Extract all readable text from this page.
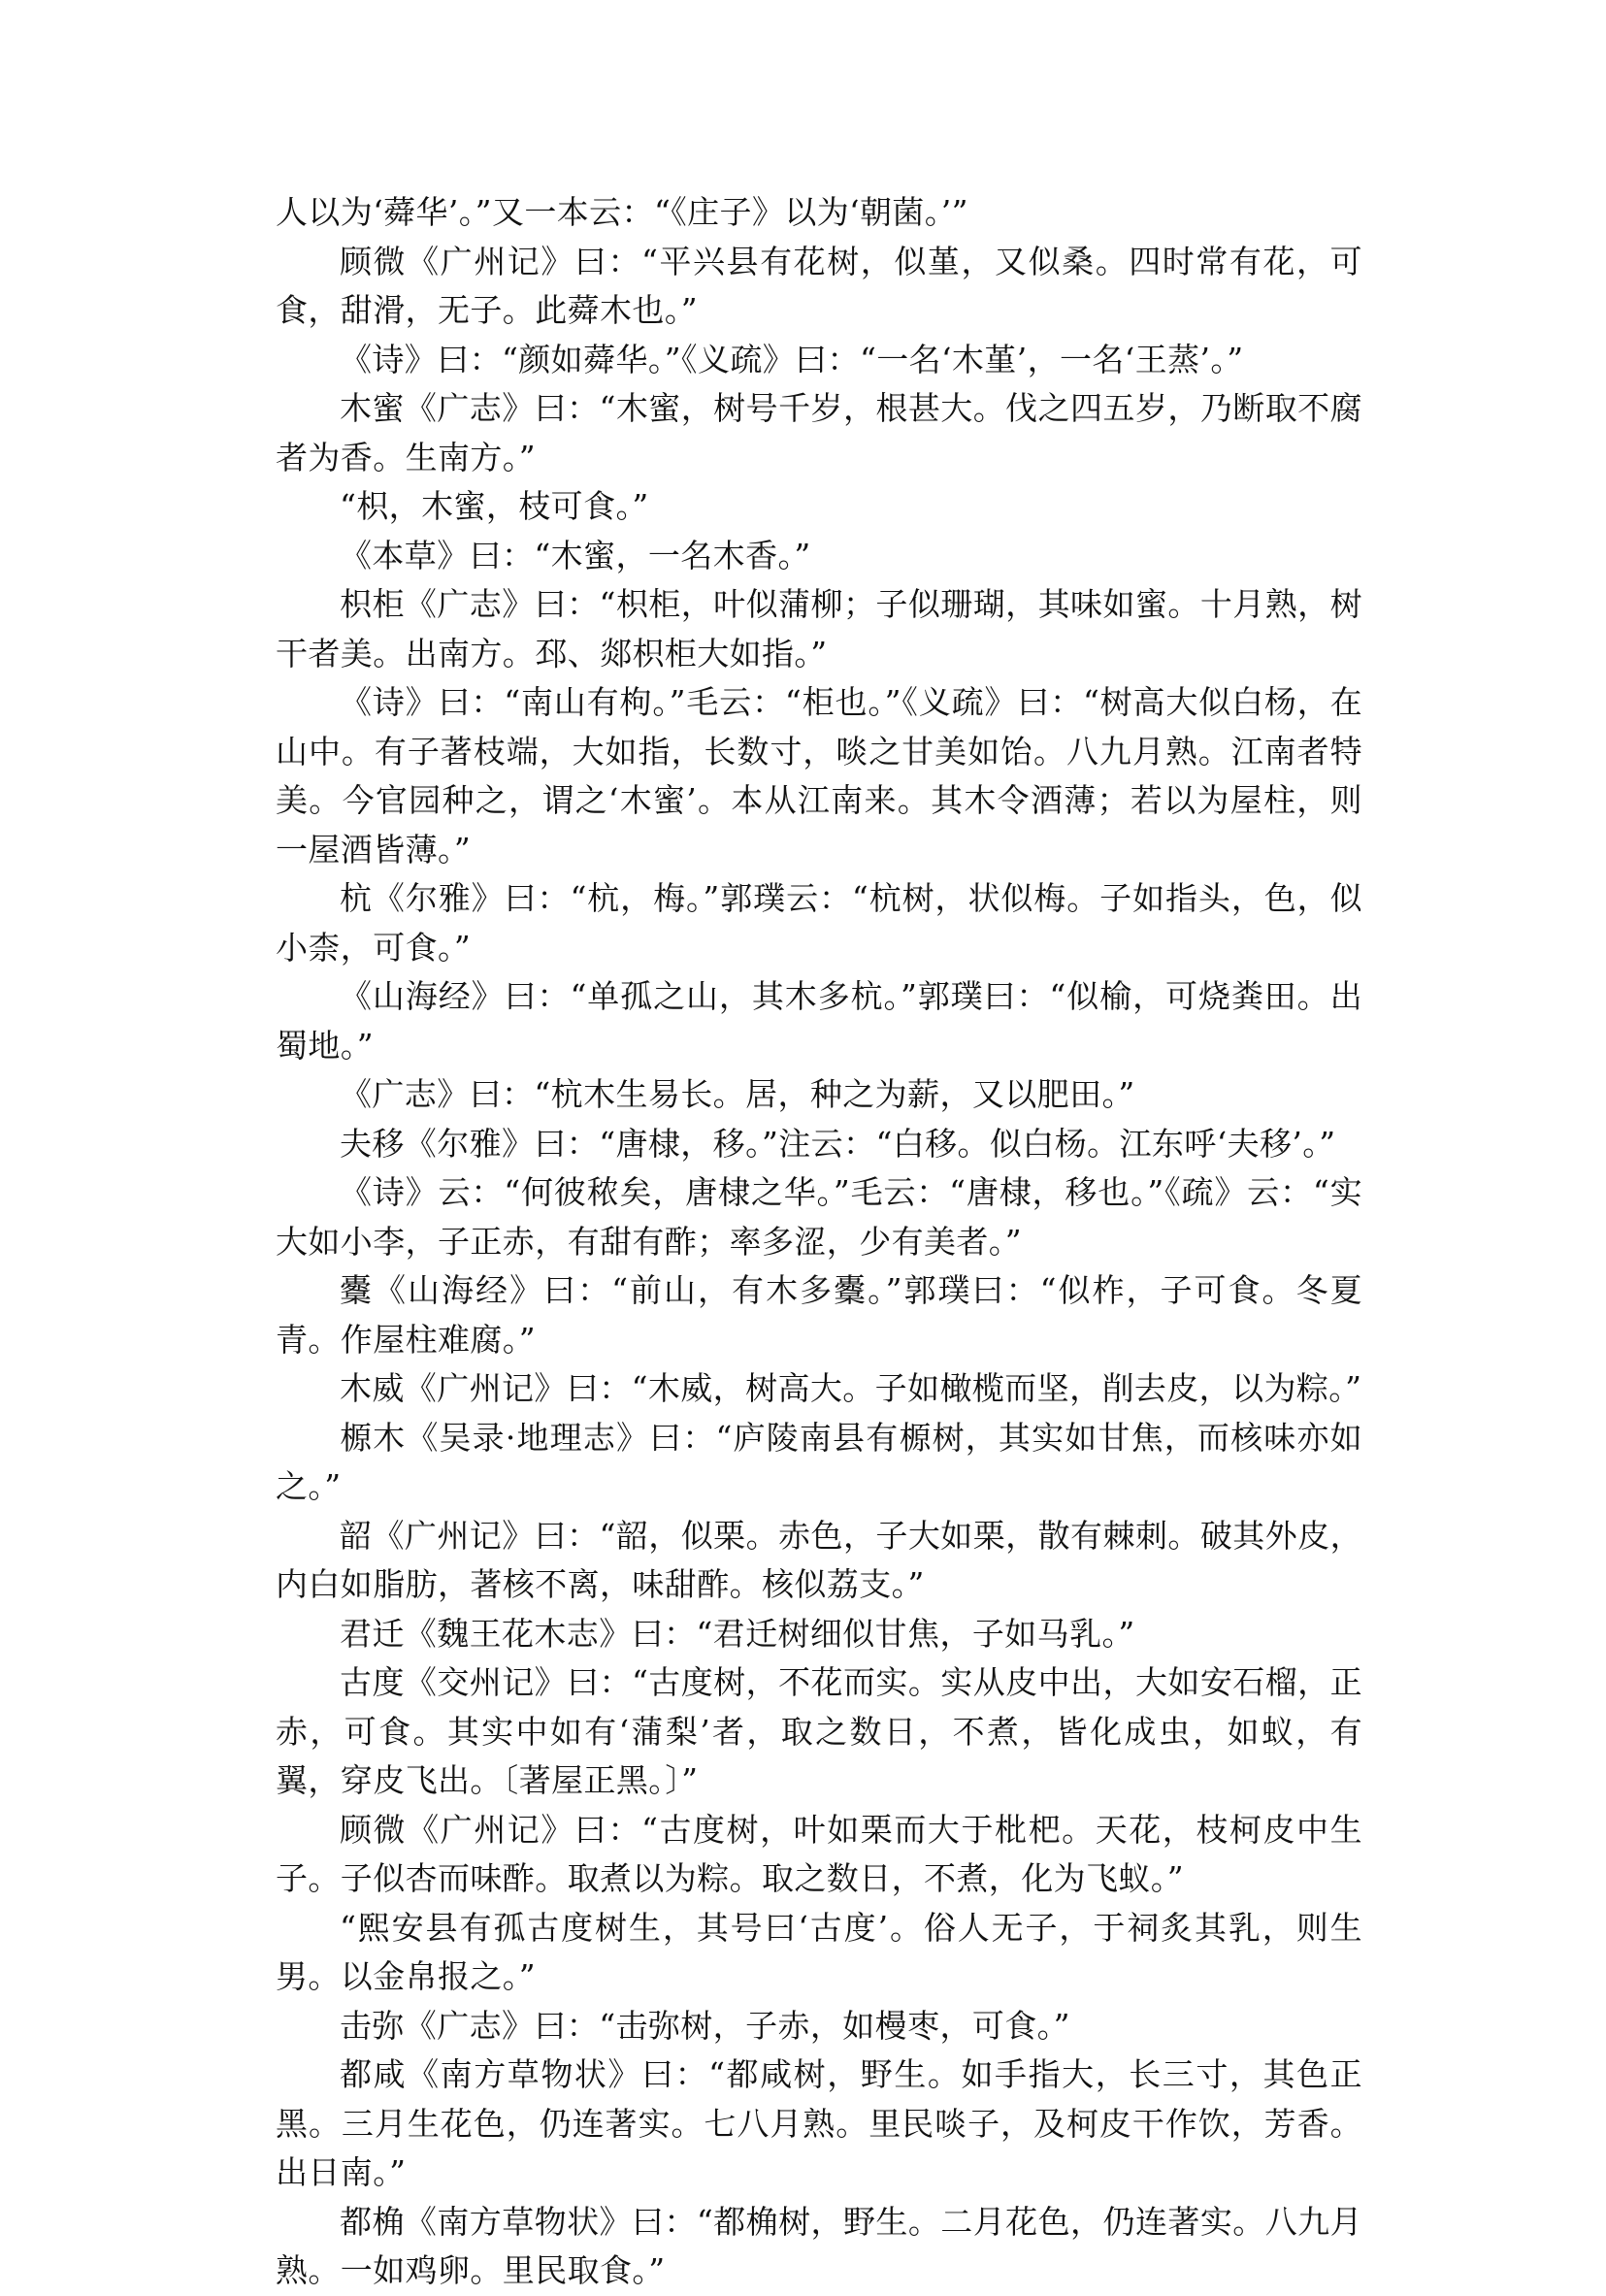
人以为‘蕣华’。”又一本云：“《庄子》以为‘朝菌。’”

顾微《广州记》曰：“平兴县有花树，似堇，又似桑。四时常有花，可食，甜滑，无子。此蕣木也。”

《诗》曰：“颜如蕣华。”《义疏》曰：“一名‘木堇’，一名‘王蒸’。”

木蜜《广志》曰：“木蜜，树号千岁，根甚大。伐之四五岁，乃断取不腐者为香。生南方。”

“枳，木蜜，枝可食。”

《本草》曰：“木蜜，一名木香。”

枳柜《广志》曰：“枳柜，叶似蒲柳；子似珊瑚，其味如蜜。十月熟，树干者美。出南方。邳、郯枳柜大如指。”

《诗》曰：“南山有枸。”毛云：“柜也。”《义疏》曰：“树高大似白杨，在山中。有子著枝端，大如指，长数寸，啖之甘美如饴。八九月熟。江南者特美。今官园种之，谓之‘木蜜’。本从江南来。其木令酒薄；若以为屋柱，则一屋酒皆薄。”

杭《尔雅》曰：“杭，梅。”郭璞云：“杭树，状似梅。子如指头，色，似小柰，可食。”

《山海经》曰：“单孤之山，其木多杭。”郭璞曰：“似榆，可烧粪田。出蜀地。”

《广志》曰：“杭木生易长。居，种之为薪，又以肥田。”

夫移《尔雅》曰：“唐棣，移。”注云：“白移。似白杨。江东呼‘夫移’。”

《诗》云：“何彼秾矣，唐棣之华。”毛云：“唐棣，移也。”《疏》云：“实大如小李，子正赤，有甜有酢；率多涩，少有美者。”

櫜《山海经》曰：“前山，有木多櫜。”郭璞曰：“似柞，子可食。冬夏青。作屋柱难腐。”

木威《广州记》曰：“木威，树高大。子如橄榄而坚，削去皮，以为粽。”

榞木《吴录·地理志》曰：“庐陵南县有榞树，其实如甘焦，而核味亦如之。”

韶《广州记》曰：“韶，似栗。赤色，子大如栗，散有棘刺。破其外皮，内白如脂肪，著核不离，味甜酢。核似荔支。”

君迁《魏王花木志》曰：“君迁树细似甘焦，子如马乳。”

古度《交州记》曰：“古度树，不花而实。实从皮中出，大如安石榴，正赤，可食。其实中如有‘蒲梨’者，取之数日，不煮，皆化成虫，如蚁，有翼，穿皮飞出。〔著屋正黑。〕”

顾微《广州记》曰：“古度树，叶如栗而大于枇杷。天花，枝柯皮中生子。子似杏而味酢。取煮以为粽。取之数日，不煮，化为飞蚁。”

“熙安县有孤古度树生，其号曰‘古度’。俗人无子，于祠炙其乳，则生男。以金帛报之。”

击弥《广志》曰：“击弥树，子赤，如槾枣，可食。”

都咸《南方草物状》曰：“都咸树，野生。如手指大，长三寸，其色正黑。三月生花色，仍连著实。七八月熟。里民啖子，及柯皮干作饮，芳香。出日南。”

都桷《南方草物状》曰：“都桷树，野生。二月花色，仍连著实。八九月熟。一如鸡卵。里民取食。”
